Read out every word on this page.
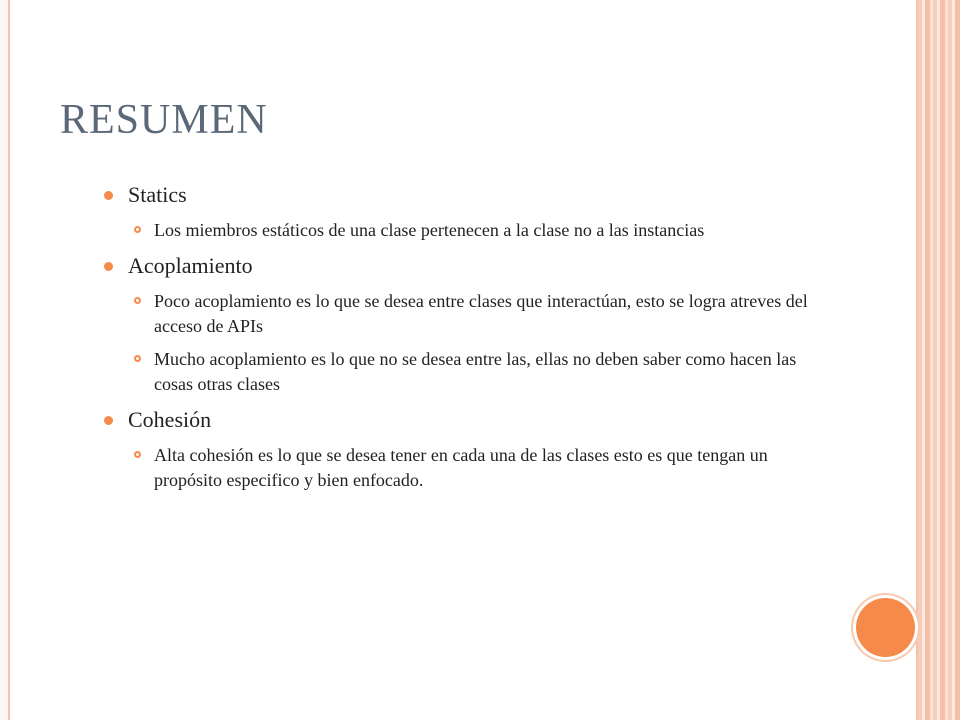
RESUMEN
Statics
Los miembros estáticos de una clase pertenecen a la clase no a las instancias
Acoplamiento
Poco acoplamiento es lo que se desea entre clases que interactúan, esto se logra atreves del acceso de APIs
Mucho acoplamiento es lo que no se desea entre las, ellas no deben saber como hacen las cosas otras clases
Cohesión
Alta cohesión es lo que se desea tener en cada una de las clases esto es que tengan un propósito especifico y bien enfocado.
